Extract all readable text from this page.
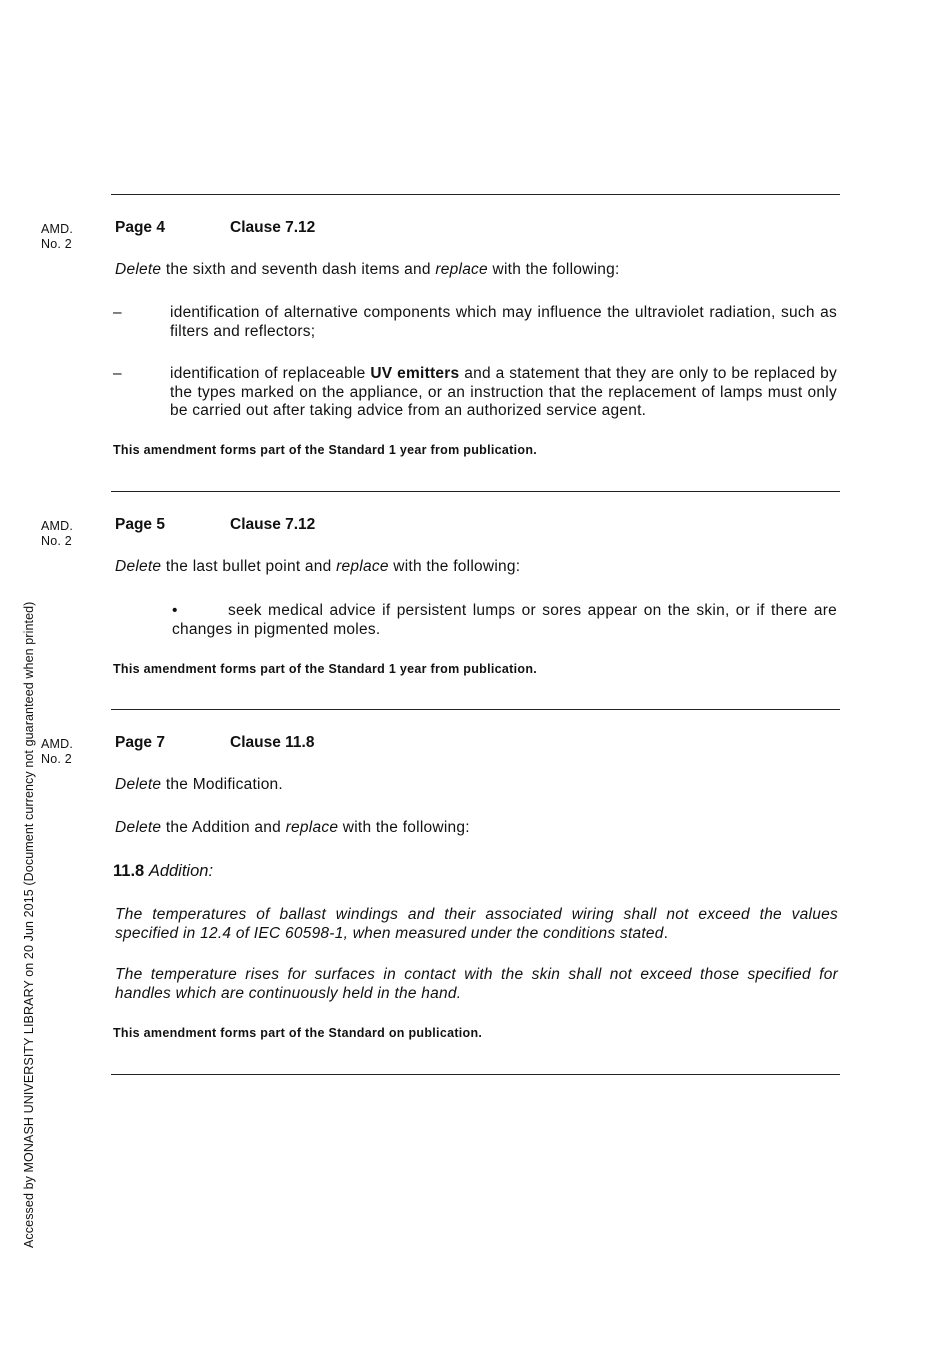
Accessed by MONASH UNIVERSITY LIBRARY on 20 Jun 2015 (Document currency not guaranteed when printed)
AMD.
No. 2
Page 4	Clause 7.12
Delete the sixth and seventh dash items and replace with the following:
–	identification of alternative components which may influence the ultraviolet radiation, such as filters and reflectors;
–	identification of replaceable UV emitters and a statement that they are only to be replaced by the types marked on the appliance, or an instruction that the replacement of lamps must only be carried out after taking advice from an authorized service agent.
This amendment forms part of the Standard 1 year from publication.
AMD.
No. 2
Page 5	Clause 7.12
Delete the last bullet point and replace with the following:
•	seek medical advice if persistent lumps or sores appear on the skin, or if there are changes in pigmented moles.
This amendment forms part of the Standard 1 year from publication.
AMD.
No. 2
Page 7	Clause 11.8
Delete the Modification.
Delete the Addition and replace with the following:
11.8 Addition:
The temperatures of ballast windings and their associated wiring shall not exceed the values specified in 12.4 of IEC 60598-1, when measured under the conditions stated.
The temperature rises for surfaces in contact with the skin shall not exceed those specified for handles which are continuously held in the hand.
This amendment forms part of the Standard on publication.
